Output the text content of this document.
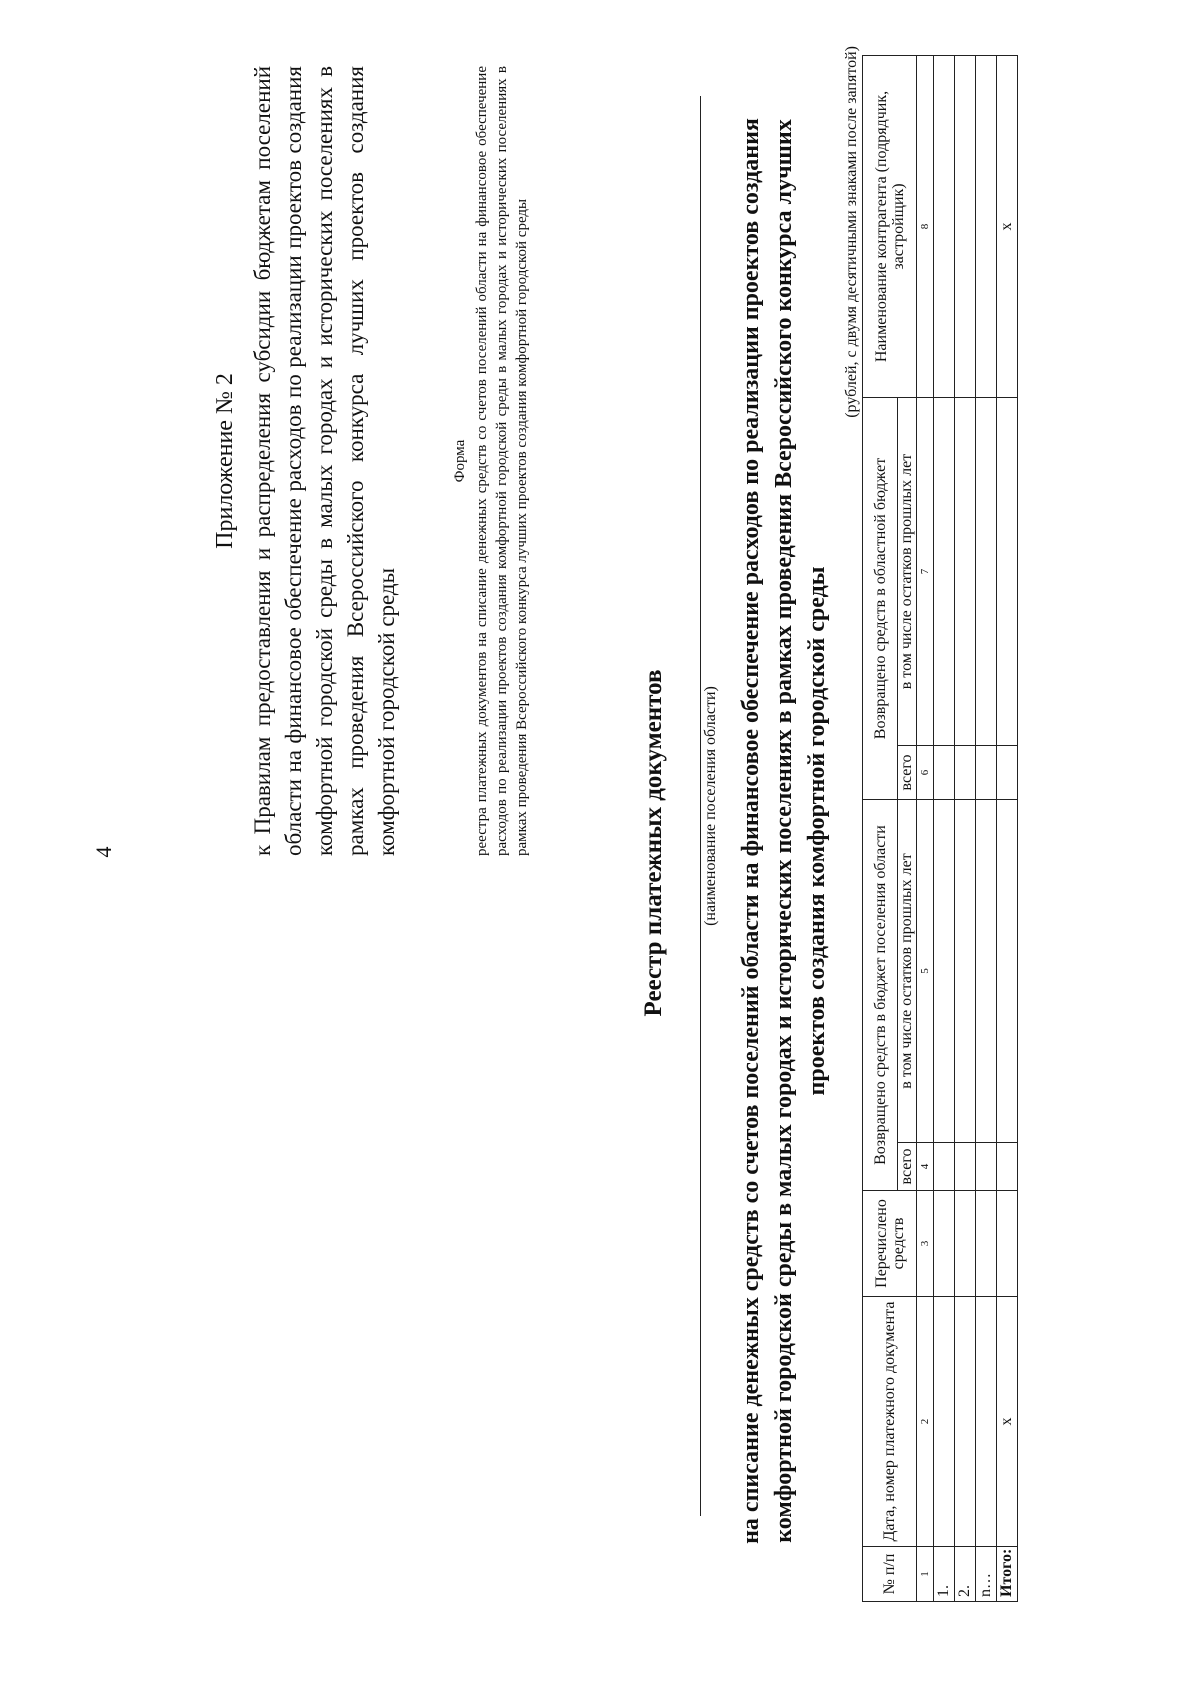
4
Приложение № 2 к Правилам предоставления и распределения субсидии бюджетам поселений области на финансовое обеспечение расходов по реализации проектов создания комфортной городской среды в малых городах и исторических поселениях в рамках проведения Всероссийского конкурса лучших проектов создания комфортной городской среды
Форма реестра платежных документов на списание денежных средств со счетов поселений области на финансовое обеспечение расходов по реализации проектов создания комфортной городской среды в малых городах и исторических поселениях в рамках проведения Всероссийского конкурса лучших проектов создания комфортной городской среды	Реестр платежных документов (наименование поселения области) на списание денежных средств со счетов поселений области на финансовое обеспечение расходов по реализации проектов создания комфортной городской среды в малых городах и исторических поселениях в рамках проведения Всероссийского конкурса лучших проектов создания комфортной городской среды
(рублей, с двумя десятичными знаками после запятой)
№ п/п	Дата, номер платежного документа	Перечислено средств	Возвращено средств в бюджет поселения области		Возвращено средств в областной бюджет		Наименование контрагента (подрядчик, застройщик)
			всего	в том числе остатков прошлых лет	всего	в том числе остатков прошлых лет	
1	2	3	4	5	6	7	8
1.							
2.							
n…							
Итого:	x						x
